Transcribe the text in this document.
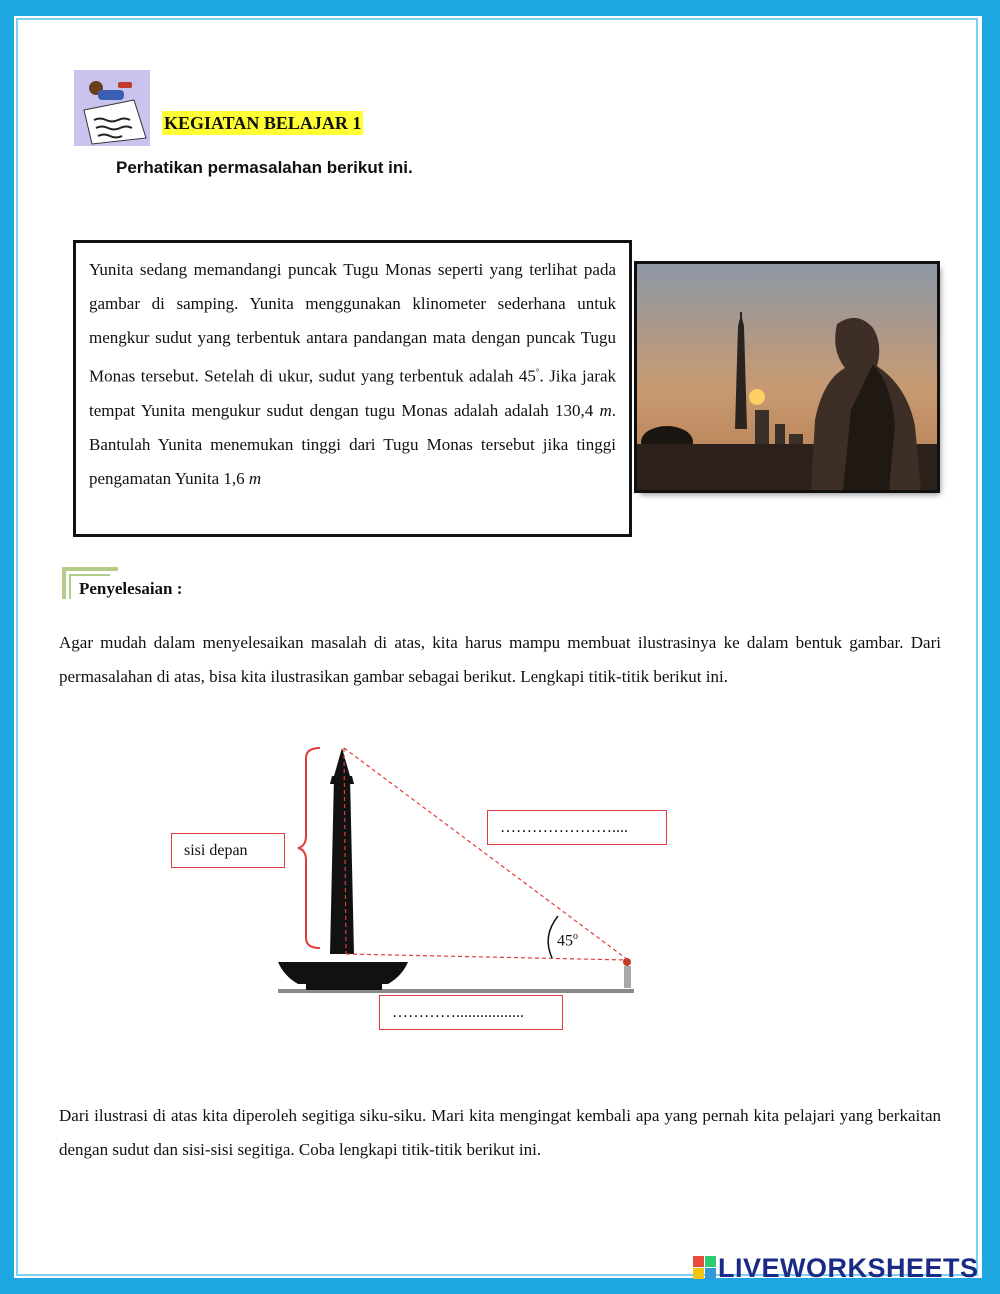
KEGIATAN BELAJAR 1
Perhatikan permasalahan berikut ini.

Yunita sedang memandangi puncak Tugu Monas seperti yang terlihat pada gambar di samping. Yunita menggunakan klinometer sederhana untuk mengkur sudut yang terbentuk antara pandangan mata dengan puncak Tugu Monas tersebut. Setelah di ukur, sudut yang terbentuk adalah 45°. Jika jarak tempat Yunita mengukur sudut dengan tugu Monas adalah adalah 130,4 m. Bantulah Yunita menemukan tinggi dari Tugu Monas tersebut jika tinggi pengamatan Yunita 1,6 m

Penyelesaian :

Agar mudah dalam menyelesaikan masalah di atas, kita harus mampu membuat ilustrasinya ke dalam bentuk gambar. Dari permasalahan di atas, bisa kita ilustrasikan gambar sebagai berikut. Lengkapi titik-titik berikut ini.

sisi depan
…………………....
………….................
45$^o$

Dari ilustrasi di atas kita diperoleh segitiga siku-siku. Mari kita mengingat kembali apa yang pernah kita pelajari yang berkaitan dengan sudut dan sisi-sisi segitiga. Coba lengkapi titik-titik berikut ini.

LIVEWORKSHEETS
